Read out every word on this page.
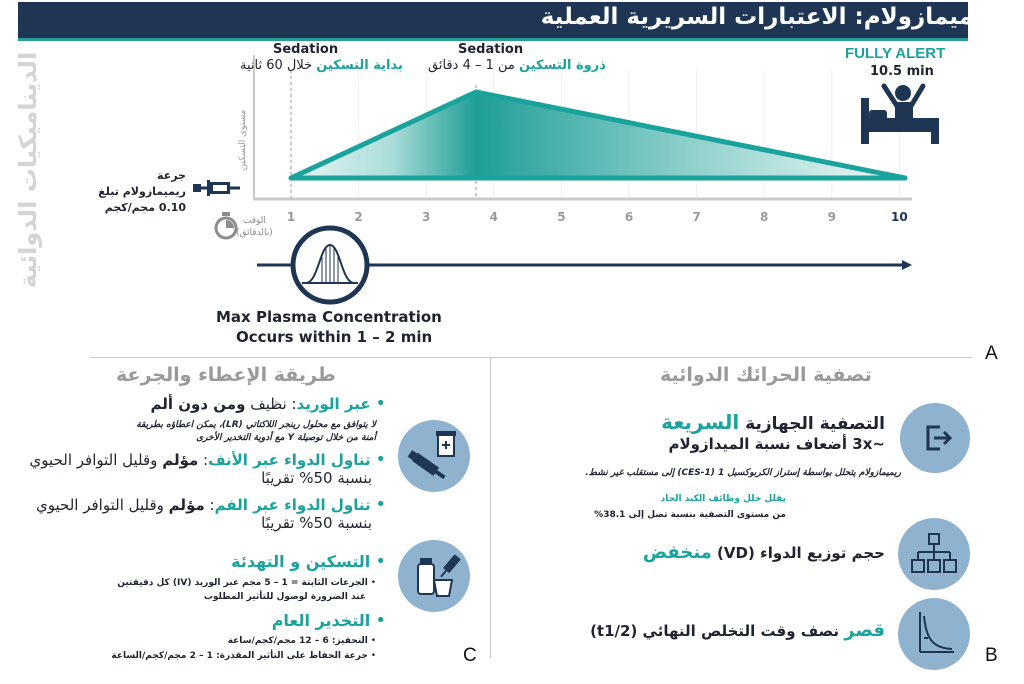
ريميمازولام: الاعتبارات السريرية العملية
الديناميكيات الدوائية	1	2	3	4	5	6	7	8	9	10
Sedation
بداية التسكين خلال 60 ثانية
Sedation
ذروة التسكين من 1 – 4 دقائق
FULLY ALERT
10.5 min
مستوى التسكين
جرعة
ريميمازولام تبلغ
0.10 مجم/كجم
الوقت
(بالدقائق)
Max Plasma Concentration
Occurs within 1 – 2 min
A
تصفية الحرائك الدوائية
التصفية الجهازية السريعة
~3x أضعاف نسبة الميدازولام
ريميمازولام يتحلل بواسطة إستراز الكربوكسيل 1 (CES-1) إلى مستقلب غير نشط.
يقلل خلل وظائف الكبد الحاد
من مستوى التصفية بنسبة تصل إلى 38.1%
حجم توزيع الدواء (VD) منخفض
قصر نصف وقت التخلص النهائي (t1/2)
B
طريقة الإعطاء والجرعة
• عبر الوريد: نظيف ومن دون ألم
لا يتوافق مع محلول رينجر اللاكتاتي (LR)، يمكن اعطاؤه بطريقة
أمنة من خلال توصيلة Y مع أدوية التخدير الأخرى
• تناول الدواء عبر الأنف: مؤلم وقليل التوافر الحيوي
بنسبة 50% تقريبًا
• تناول الدواء عبر الفم: مؤلم وقليل التوافر الحيوي
بنسبة 50% تقريبًا
• التسكين و التهدئة
• الجرعات الثابتة = 1 – 5 مجم عبر الوريد (IV) كل دقيقتين
عند الضرورة لوصول للتأثير المطلوب
• التخدير العام
• التحفيز: 6 – 12 مجم/كجم/ساعة
• جرعة الحفاظ على التأثير المقدرة: 1 – 2 مجم/كجم/الساعة	C
